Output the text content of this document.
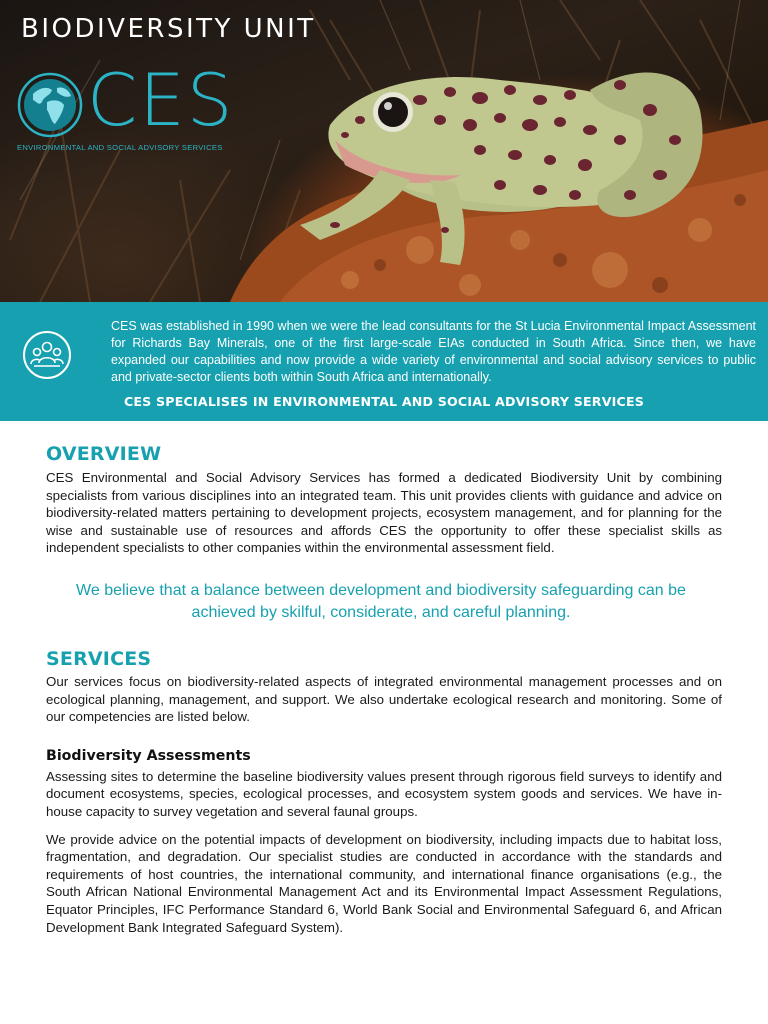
BIODIVERSITY UNIT
CES
ENVIRONMENTAL AND SOCIAL ADVISORY SERVICES

CES was established in 1990 when we were the lead consultants for the St Lucia Environmental Impact Assessment for Richards Bay Minerals, one of the first large-scale EIAs conducted in South Africa. Since then, we have expanded our capabilities and now provide a wide variety of environmental and social advisory services to public and private-sector clients both within South Africa and internationally.

CES SPECIALISES IN ENVIRONMENTAL AND SOCIAL ADVISORY SERVICES

OVERVIEW

CES Environmental and Social Advisory Services has formed a dedicated Biodiversity Unit by combining specialists from various disciplines into an integrated team. This unit provides clients with guidance and advice on biodiversity-related matters pertaining to development projects, ecosystem management, and for planning for the wise and sustainable use of resources and affords CES the opportunity to offer these specialist skills as independent specialists to other companies within the environmental assessment field.

We believe that a balance between development and biodiversity safeguarding can be
achieved by skilful, considerate, and careful planning.
SERVICES

Our services focus on biodiversity-related aspects of integrated environmental management processes and on ecological planning, management, and support. We also undertake ecological research and monitoring. Some of our competencies are listed below.

Biodiversity Assessments

Assessing sites to determine the baseline biodiversity values present through rigorous field surveys to identify and document ecosystems, species, ecological processes, and ecosystem system goods and services. We have in-house capacity to survey vegetation and several faunal groups.

We provide advice on the potential impacts of development on biodiversity, including impacts due to habitat loss, fragmentation, and degradation. Our specialist studies are conducted in accordance with the standards and requirements of host countries, the international community, and international finance organisations (e.g., the South African National Environmental Management Act and its Environmental Impact Assessment Regulations, Equator Principles, IFC Performance Standard 6, World Bank Social and Environmental Safeguard 6, and African Development Bank Integrated Safeguard System).
